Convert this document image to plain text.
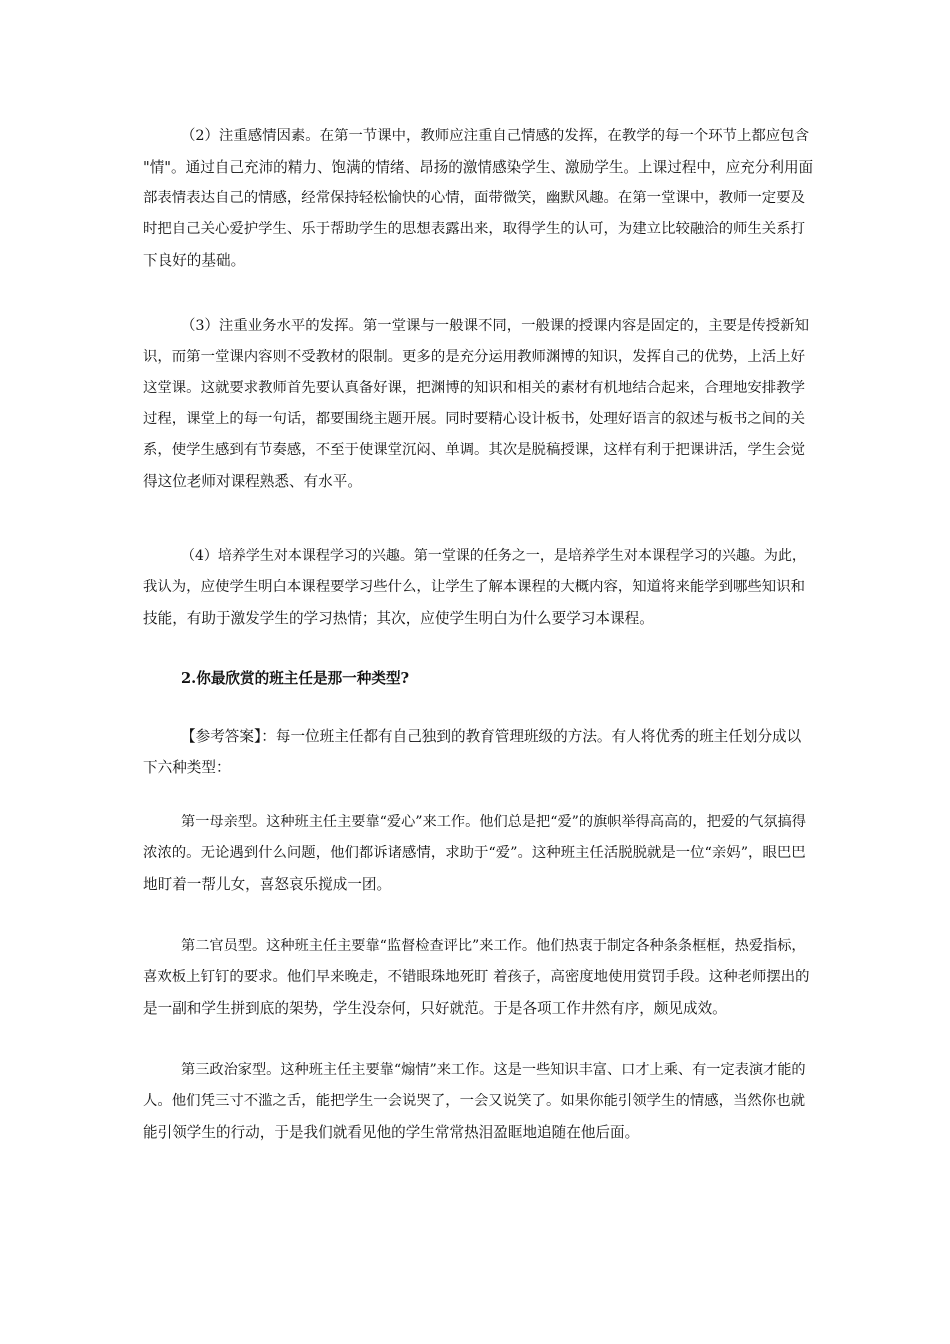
（2）注重感情因素。在第一节课中，教师应注重自己情感的发挥，在教学的每一个环节上都应包含
"情"。通过自己充沛的精力、饱满的情绪、昂扬的激情感染学生、激励学生。上课过程中，应充分利用面
部表情表达自己的情感，经常保持轻松愉快的心情，面带微笑，幽默风趣。在第一堂课中，教师一定要及
时把自己关心爱护学生、乐于帮助学生的思想表露出来，取得学生的认可，为建立比较融洽的师生关系打
下良好的基础。

（3）注重业务水平的发挥。第一堂课与一般课不同，一般课的授课内容是固定的，主要是传授新知
识，而第一堂课内容则不受教材的限制。更多的是充分运用教师渊博的知识，发挥自己的优势，上活上好
这堂课。这就要求教师首先要认真备好课，把渊博的知识和相关的素材有机地结合起来，合理地安排教学
过程，课堂上的每一句话，都要围绕主题开展。同时要精心设计板书，处理好语言的叙述与板书之间的关
系，使学生感到有节奏感，不至于使课堂沉闷、单调。其次是脱稿授课，这样有利于把课讲活，学生会觉
得这位老师对课程熟悉、有水平。

（4）培养学生对本课程学习的兴趣。第一堂课的任务之一，是培养学生对本课程学习的兴趣。为此，
我认为，应使学生明白本课程要学习些什么，让学生了解本课程的大概内容，知道将来能学到哪些知识和
技能，有助于激发学生的学习热情；其次，应使学生明白为什么要学习本课程。

2.你最欣赏的班主任是那一种类型?

【参考答案】：每一位班主任都有自己独到的教育管理班级的方法。有人将优秀的班主任划分成以
下六种类型：

第一母亲型。这种班主任主要靠“爱心”来工作。他们总是把“爱”的旗帜举得高高的，把爱的气氛搞得
浓浓的。无论遇到什么问题，他们都诉诸感情，求助于“爱”。这种班主任活脱脱就是一位“亲妈”，眼巴巴
地盯着一帮儿女，喜怒哀乐搅成一团。

第二官员型。这种班主任主要靠“监督检查评比”来工作。他们热衷于制定各种条条框框，热爱指标，
喜欢板上钉钉的要求。他们早来晚走，不错眼珠地死盯 着孩子，高密度地使用赏罚手段。这种老师摆出的
是一副和学生拼到底的架势，学生没奈何，只好就范。于是各项工作井然有序，颇见成效。

第三政治家型。这种班主任主要靠“煽情”来工作。这是一些知识丰富、口才上乘、有一定表演才能的
人。他们凭三寸不滥之舌，能把学生一会说哭了，一会又说笑了。如果你能引领学生的情感，当然你也就
能引领学生的行动，于是我们就看见他的学生常常热泪盈眶地追随在他后面。
